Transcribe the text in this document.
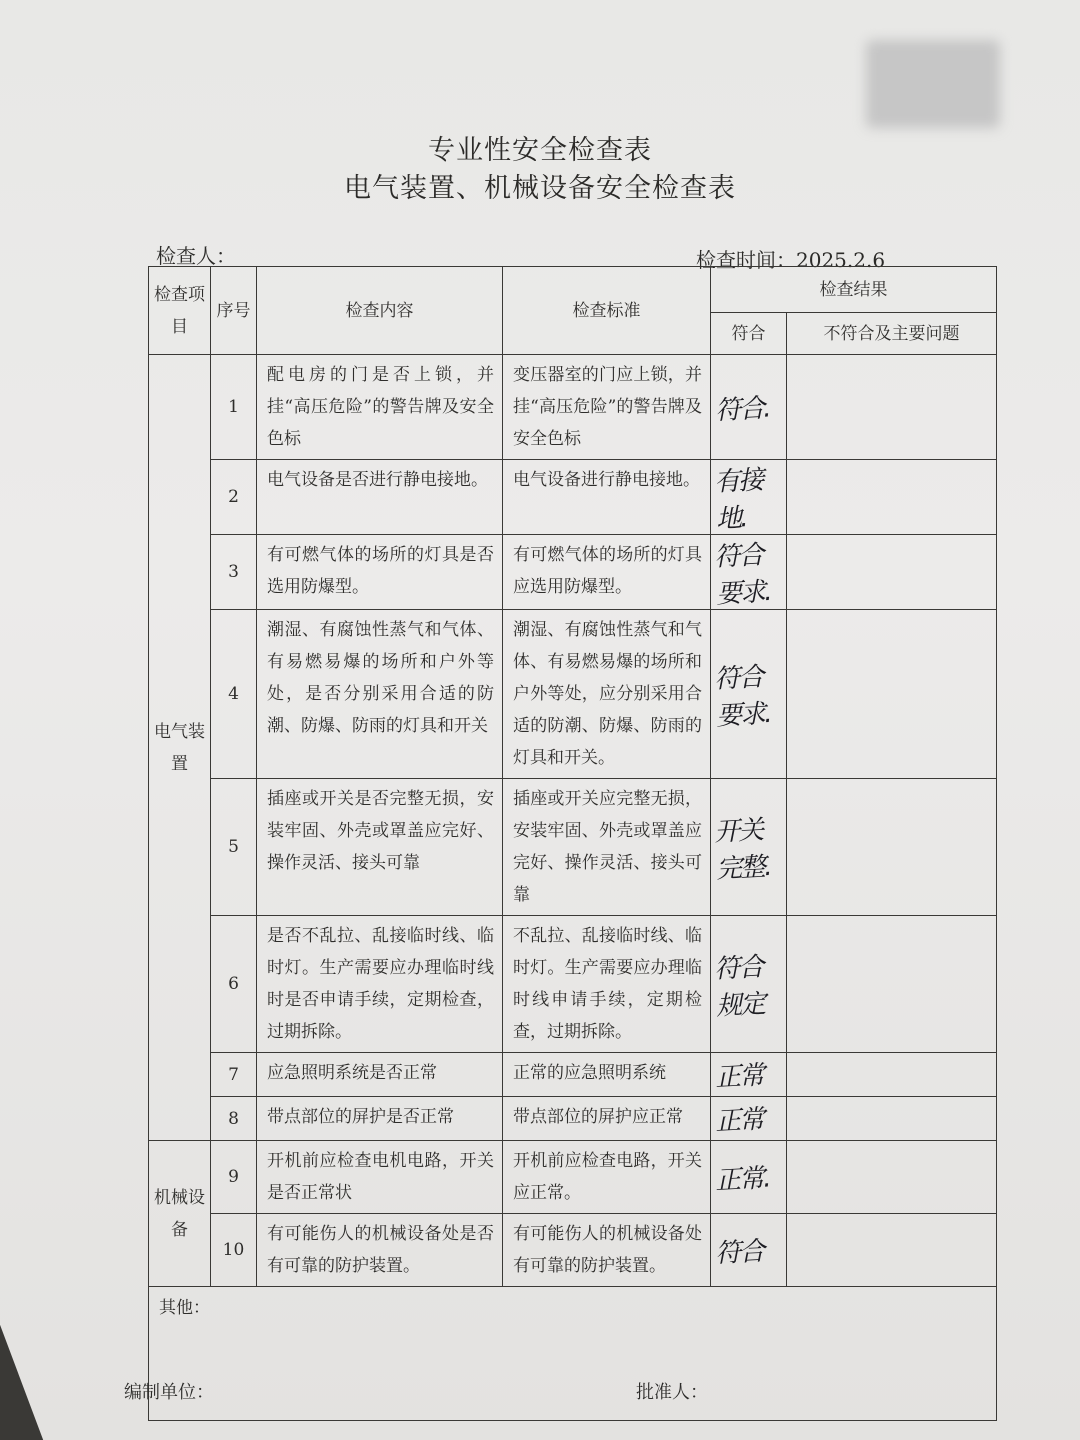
专业性安全检查表
电气装置、机械设备安全检查表
检查人：	检查时间：2025.2.6
检查项目	序号	检查内容	检查标准	检查结果	
				符合	不符合及主要问题
电气装置	1	配电房的门是否上锁，并挂“高压危险”的警告牌及安全色标	变压器室的门应上锁，并挂“高压危险”的警告牌及安全色标	符合.	
	2	电气设备是否进行静电接地。	电气设备进行静电接地。	有接地.	
	3	有可燃气体的场所的灯具是否选用防爆型。	有可燃气体的场所的灯具应选用防爆型。	符合要求.	
	4	潮湿、有腐蚀性蒸气和气体、有易燃易爆的场所和户外等处，是否分别采用合适的防潮、防爆、防雨的灯具和开关	潮湿、有腐蚀性蒸气和气体、有易燃易爆的场所和户外等处，应分别采用合适的防潮、防爆、防雨的灯具和开关。	符合要求.	
	5	插座或开关是否完整无损，安装牢固、外壳或罩盖应完好、操作灵活、接头可靠	插座或开关应完整无损，安装牢固、外壳或罩盖应完好、操作灵活、接头可靠	开关完整.	
	6	是否不乱拉、乱接临时线、临时灯。生产需要应办理临时线时是否申请手续，定期检查，过期拆除。	不乱拉、乱接临时线、临时灯。生产需要应办理临时线申请手续，定期检查，过期拆除。	符合规定	
	7	应急照明系统是否正常	正常的应急照明系统	正常	
	8	带点部位的屏护是否正常	带点部位的屏护应正常	正常	
机械设备	9	开机前应检查电机电路，开关是否正常状	开机前应检查电路，开关应正常。	正常.	
	10	有可能伤人的机械设备处是否有可靠的防护装置。	有可能伤人的机械设备处有可靠的防护装置。	符合	
其他：					
编制单位：	批准人：
